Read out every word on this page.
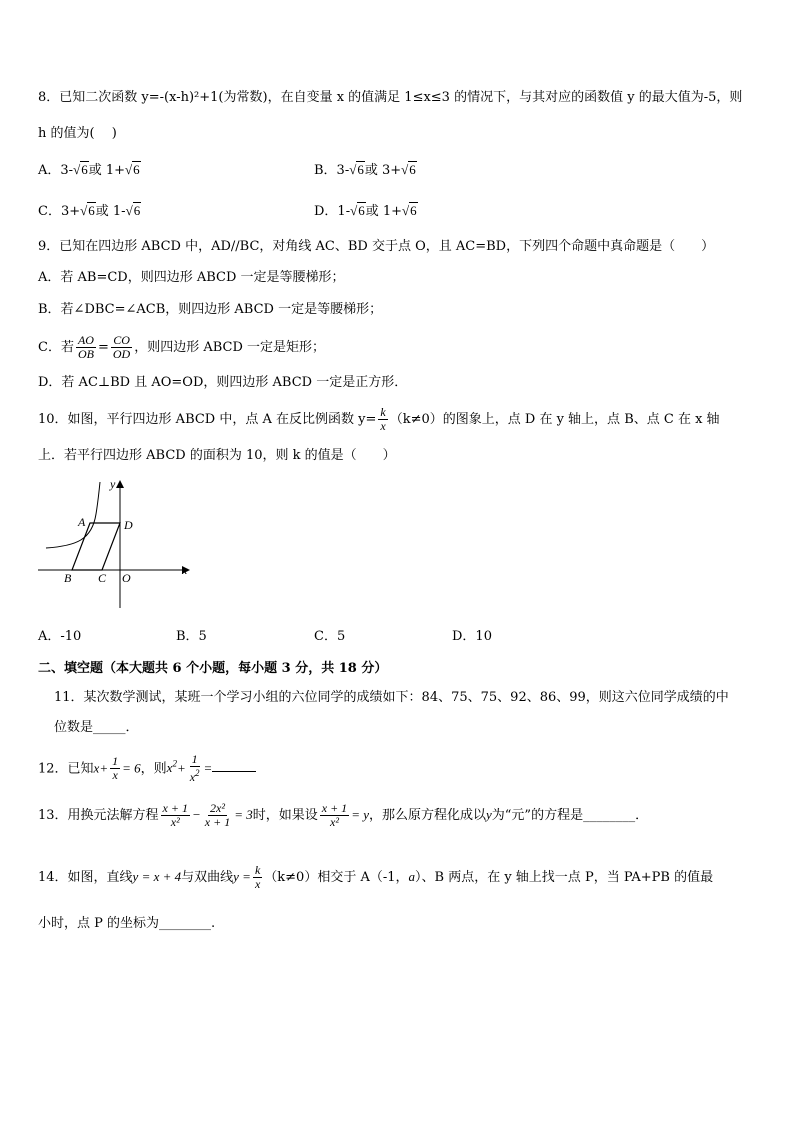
8．已知二次函数 y=-(x-h)²+1(为常数)，在自变量 x 的值满足 1≤x≤3 的情况下，与其对应的函数值 y 的最大值为-5，则
h 的值为(　 )
A．3-√6或 1+√6	B．3-√6或 3+√6
C．3+√6或 1-√6	D．1-√6或 1+√6
9．已知在四边形 ABCD 中，AD//BC，对角线 AC、BD 交于点 O，且 AC=BD，下列四个命题中真命题是（　　）
A．若 AB=CD，则四边形 ABCD 一定是等腰梯形；
B．若∠DBC=∠ACB，则四边形 ABCD 一定是等腰梯形；
C．若 $\frac{AO}{OB} = \frac{CO}{OD}$ ，则四边形 ABCD 一定是矩形；
D．若 AC⊥BD 且 AO=OD，则四边形 ABCD 一定是正方形．
10．如图，平行四边形 ABCD 中，点 A 在反比例函数 $y= \frac{k}{x} (k\ne 0)$的图象上，点 D 在 y 轴上，点 B、点 C 在 x 轴
上．若平行四边形 ABCD 的面积为 10，则 k 的值是（　　）
y
x
A	D
B C O
A．-10	B．5	C．5	D．10
二、填空题（本大题共 6 个小题，每小题 3 分，共 18 分）
11．某次数学测试，某班一个学习小组的六位同学的成绩如下：84、75、75、92、86、99，则这六位同学成绩的中
位数是_____．
12．已知$x+ \frac{1}{x} = 6$，则$x^2+ \frac{1}{x^2}$ =
13．用换元法解方程 $\frac{x + 1}{\text{x²}} - \frac{\text{2x²}}{x + 1} = 3$时，如果设 $\frac{x + 1}{\text{x²}} = y$，那么原方程化成以y为“元”的方程是________．
14．如图，直线y = x + 4与双曲线$y = \frac{k}{x} (k\ne 0)$相交于 A（-1，a）、B 两点，在 y 轴上找一点 P，当 PA+PB 的值最
小时，点 P 的坐标为________.
